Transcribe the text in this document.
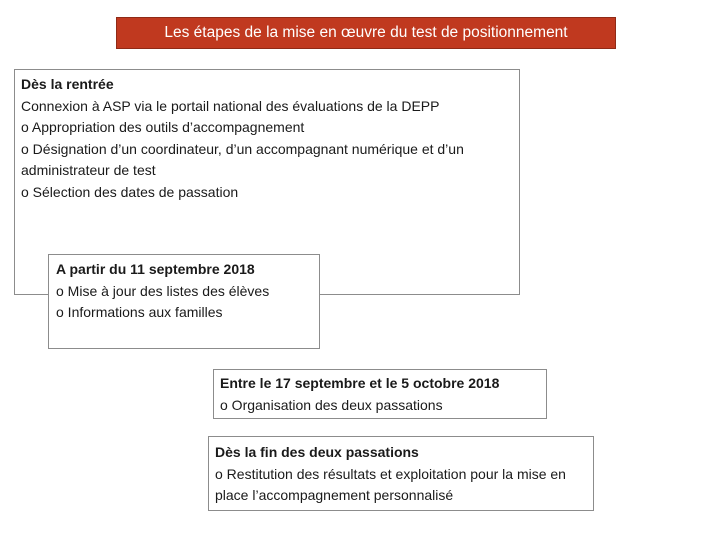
Les étapes de la mise en œuvre du test de positionnement
Dès la rentrée
Connexion à ASP via le portail national des évaluations de la DEPP
o Appropriation des outils d’accompagnement
o Désignation d’un coordinateur, d’un accompagnant numérique et d’un administrateur de test
o Sélection des dates de passation
A partir du 11 septembre 2018
o Mise à jour des listes des élèves
o Informations aux familles
Entre le 17 septembre et le 5 octobre 2018
o Organisation des deux passations
Dès la fin des deux passations
o Restitution des résultats et exploitation pour la mise en place l’accompagnement personnalisé
